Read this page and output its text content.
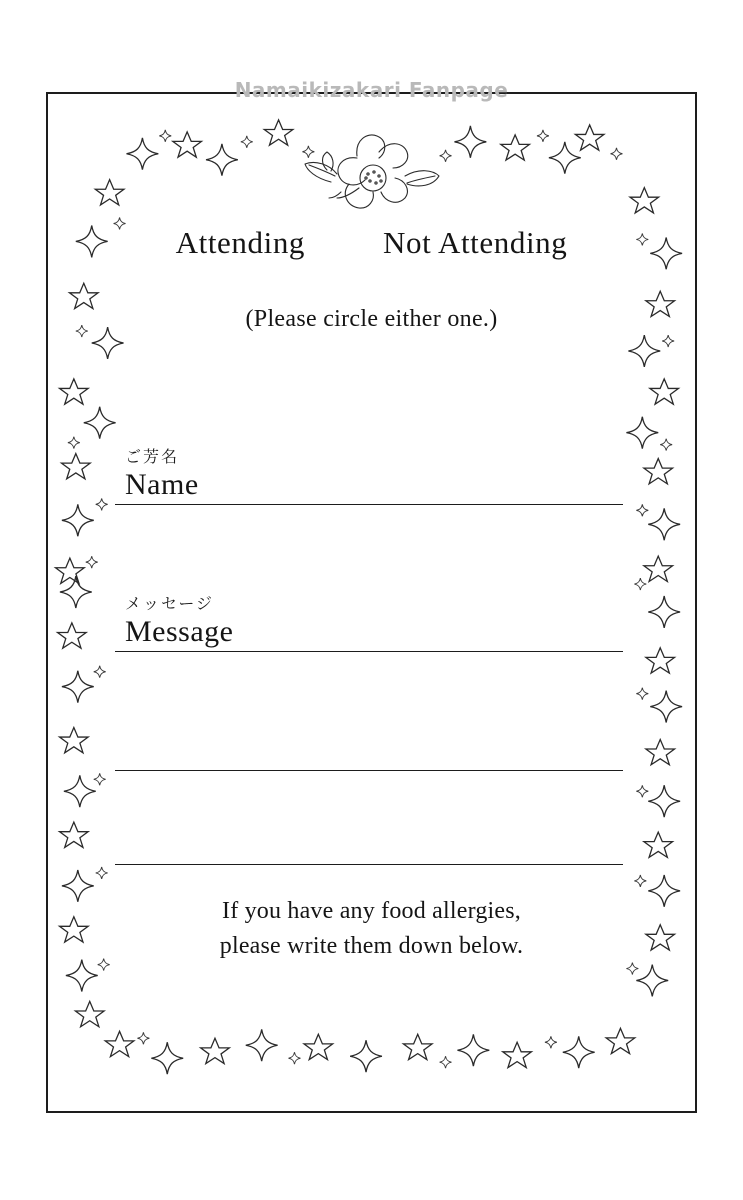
Namaikizakari Fanpage
Attending	Not Attending
(Please circle either one.)
ご芳名
Name
メッセージ
Message
If you have any food allergies,
please write them down below.
